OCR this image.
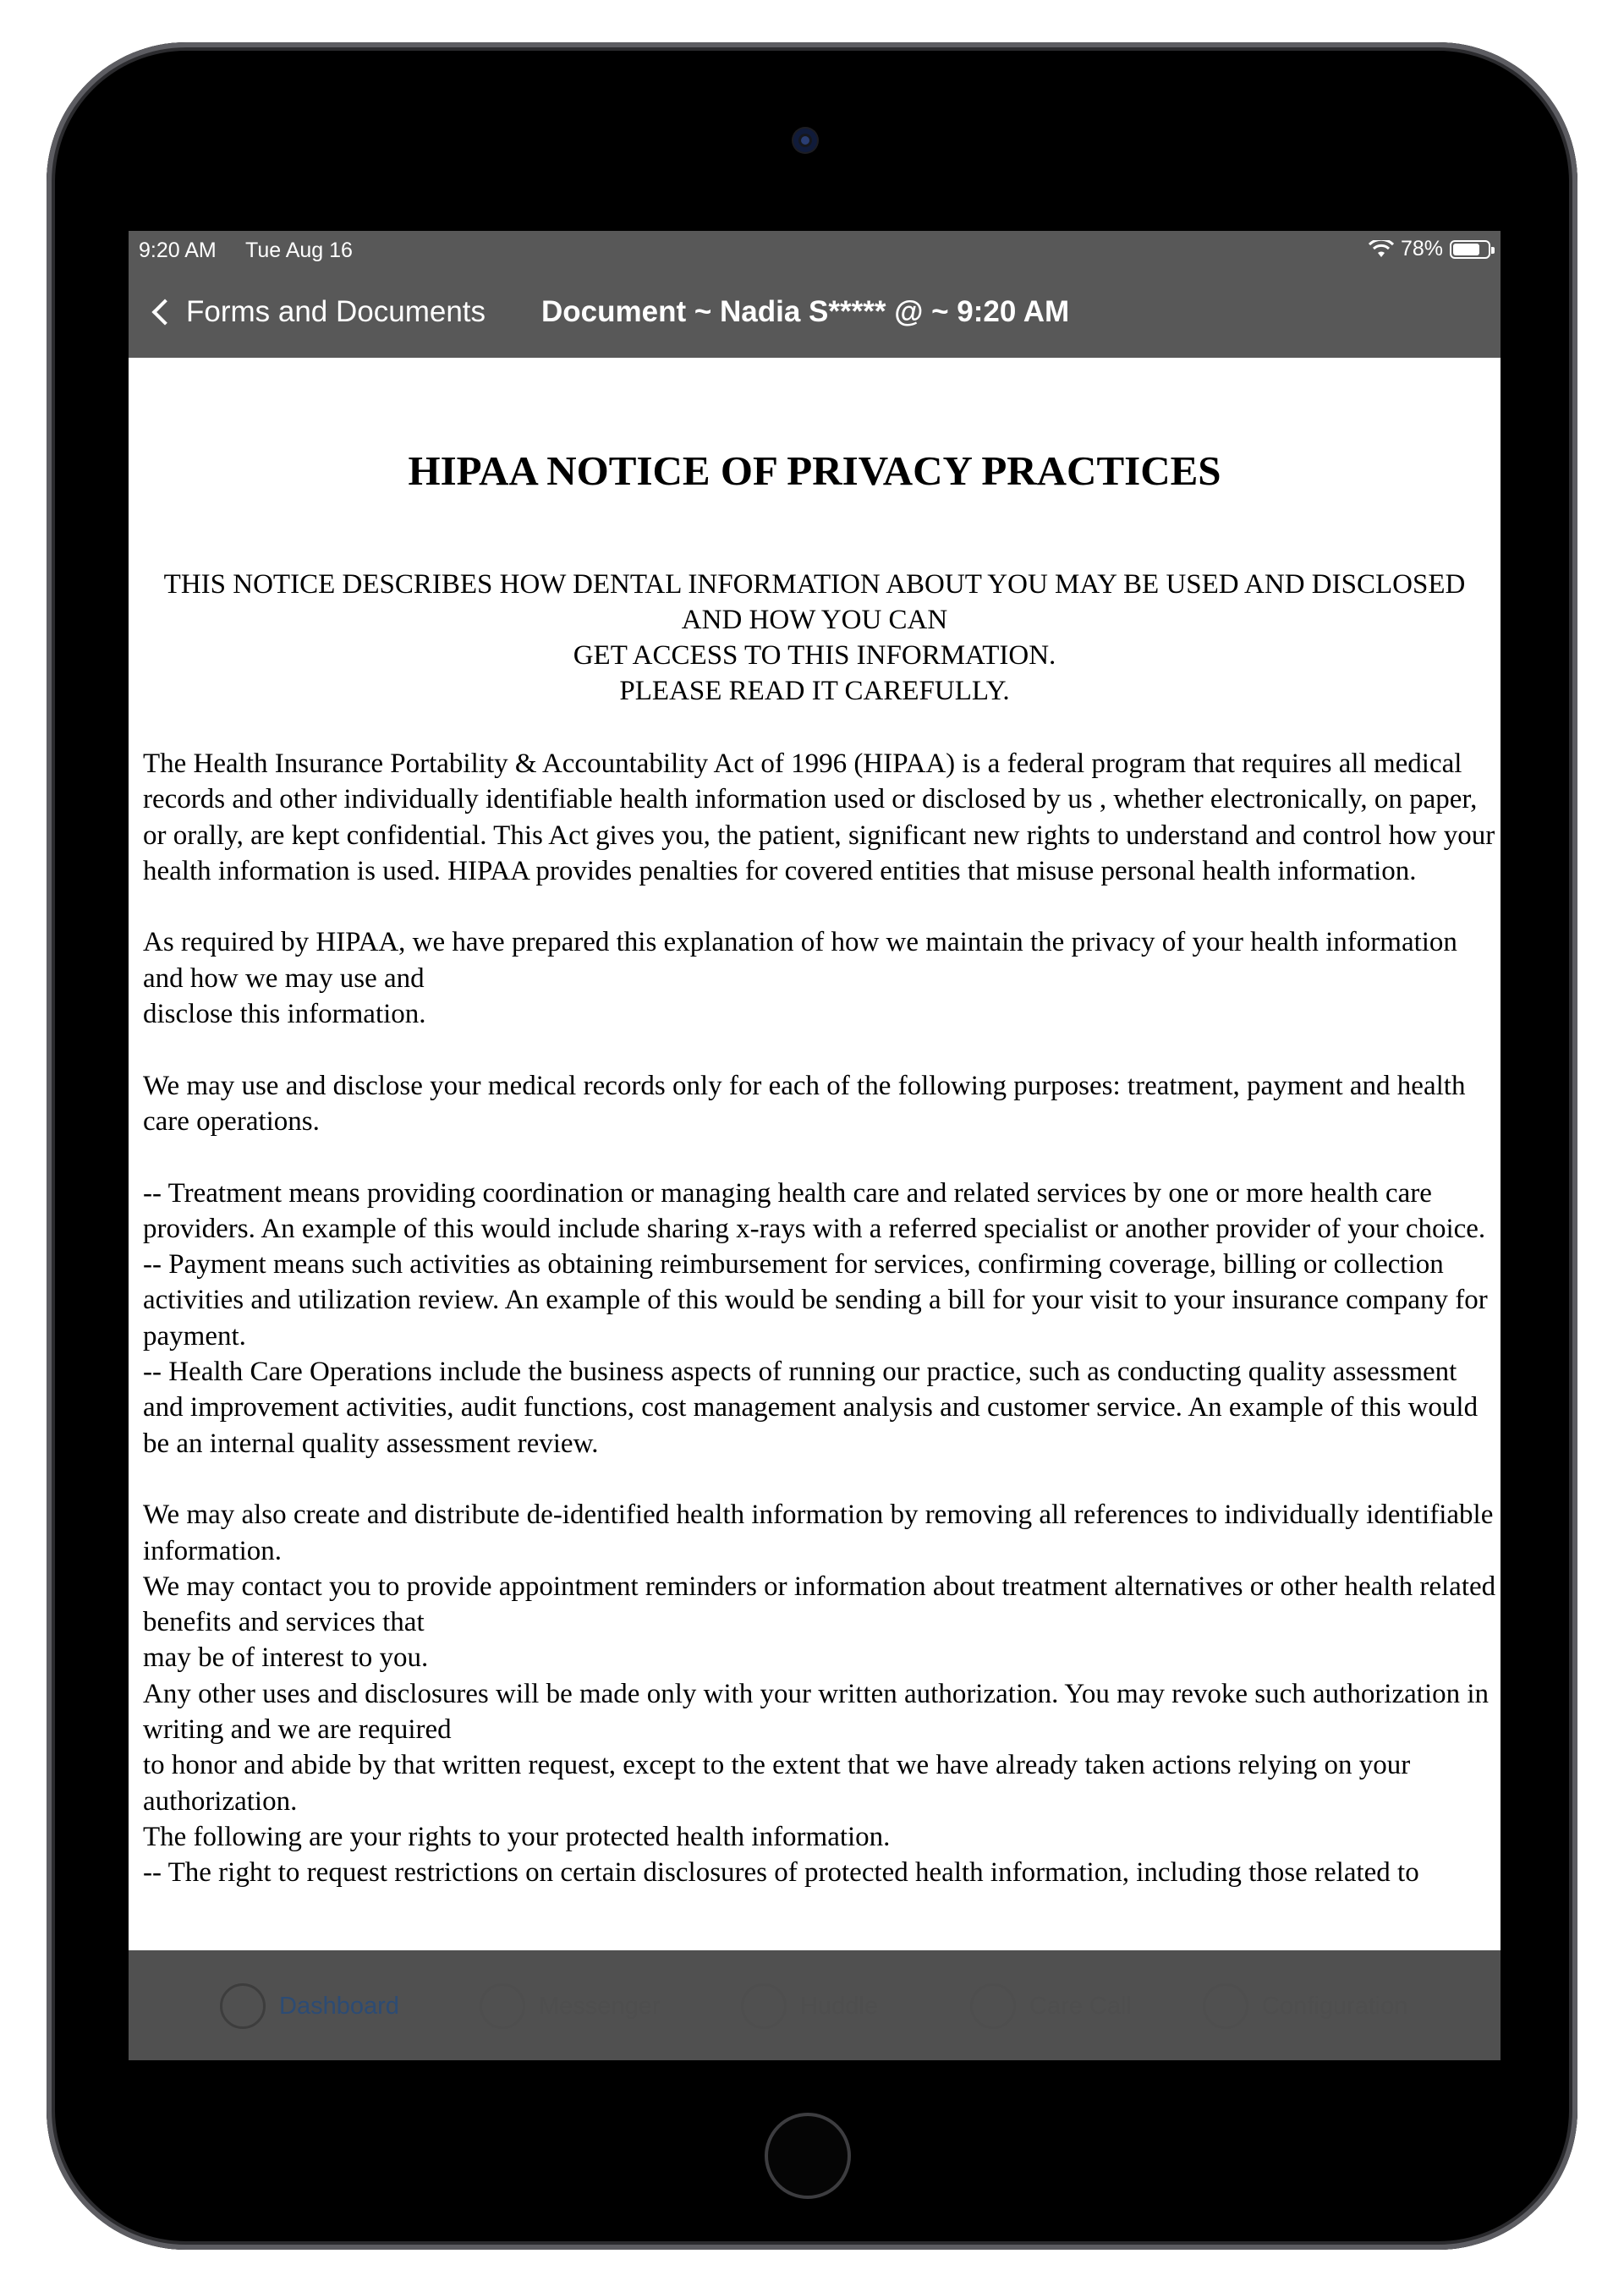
9:20 AM Tue Aug 16	78%
Forms and Documents Document ~ Nadia S***** @ ~ 9:20 AM
HIPAA NOTICE OF PRIVACY PRACTICES
THIS NOTICE DESCRIBES HOW DENTAL INFORMATION ABOUT YOU MAY BE USED AND DISCLOSED
AND HOW YOU CAN
GET ACCESS TO THIS INFORMATION.
PLEASE READ IT CAREFULLY.

The Health Insurance Portability & Accountability Act of 1996 (HIPAA) is a federal program that requires all medical records and other individually identifiable health information used or disclosed by us , whether electronically, on paper, or orally, are kept confidential. This Act gives you, the patient, significant new rights to understand and control how your health information is used. HIPAA provides penalties for covered entities that misuse personal health information.

As required by HIPAA, we have prepared this explanation of how we maintain the privacy of your health information and how we may use and

disclose this information.

We may use and disclose your medical records only for each of the following purposes: treatment, payment and health care operations.

-- Treatment means providing coordination or managing health care and related services by one or more health care providers. An example of this would include sharing x-rays with a referred specialist or another provider of your choice.

-- Payment means such activities as obtaining reimbursement for services, confirming coverage, billing or collection activities and utilization review. An example of this would be sending a bill for your visit to your insurance company for payment.

-- Health Care Operations include the business aspects of running our practice, such as conducting quality assessment and improvement activities, audit functions, cost management analysis and customer service. An example of this would be an internal quality assessment review.

We may also create and distribute de-identified health information by removing all references to individually identifiable information.

We may contact you to provide appointment reminders or information about treatment alternatives or other health related benefits and services that

may be of interest to you.

Any other uses and disclosures will be made only with your written authorization. You may revoke such authorization in writing and we are required

to honor and abide by that written request, except to the extent that we have already taken actions relying on your authorization.

The following are your rights to your protected health information.

-- The right to request restrictions on certain disclosures of protected health information, including those related to

Dashboard	Messenger	Huddle	Care Call	Configuration
